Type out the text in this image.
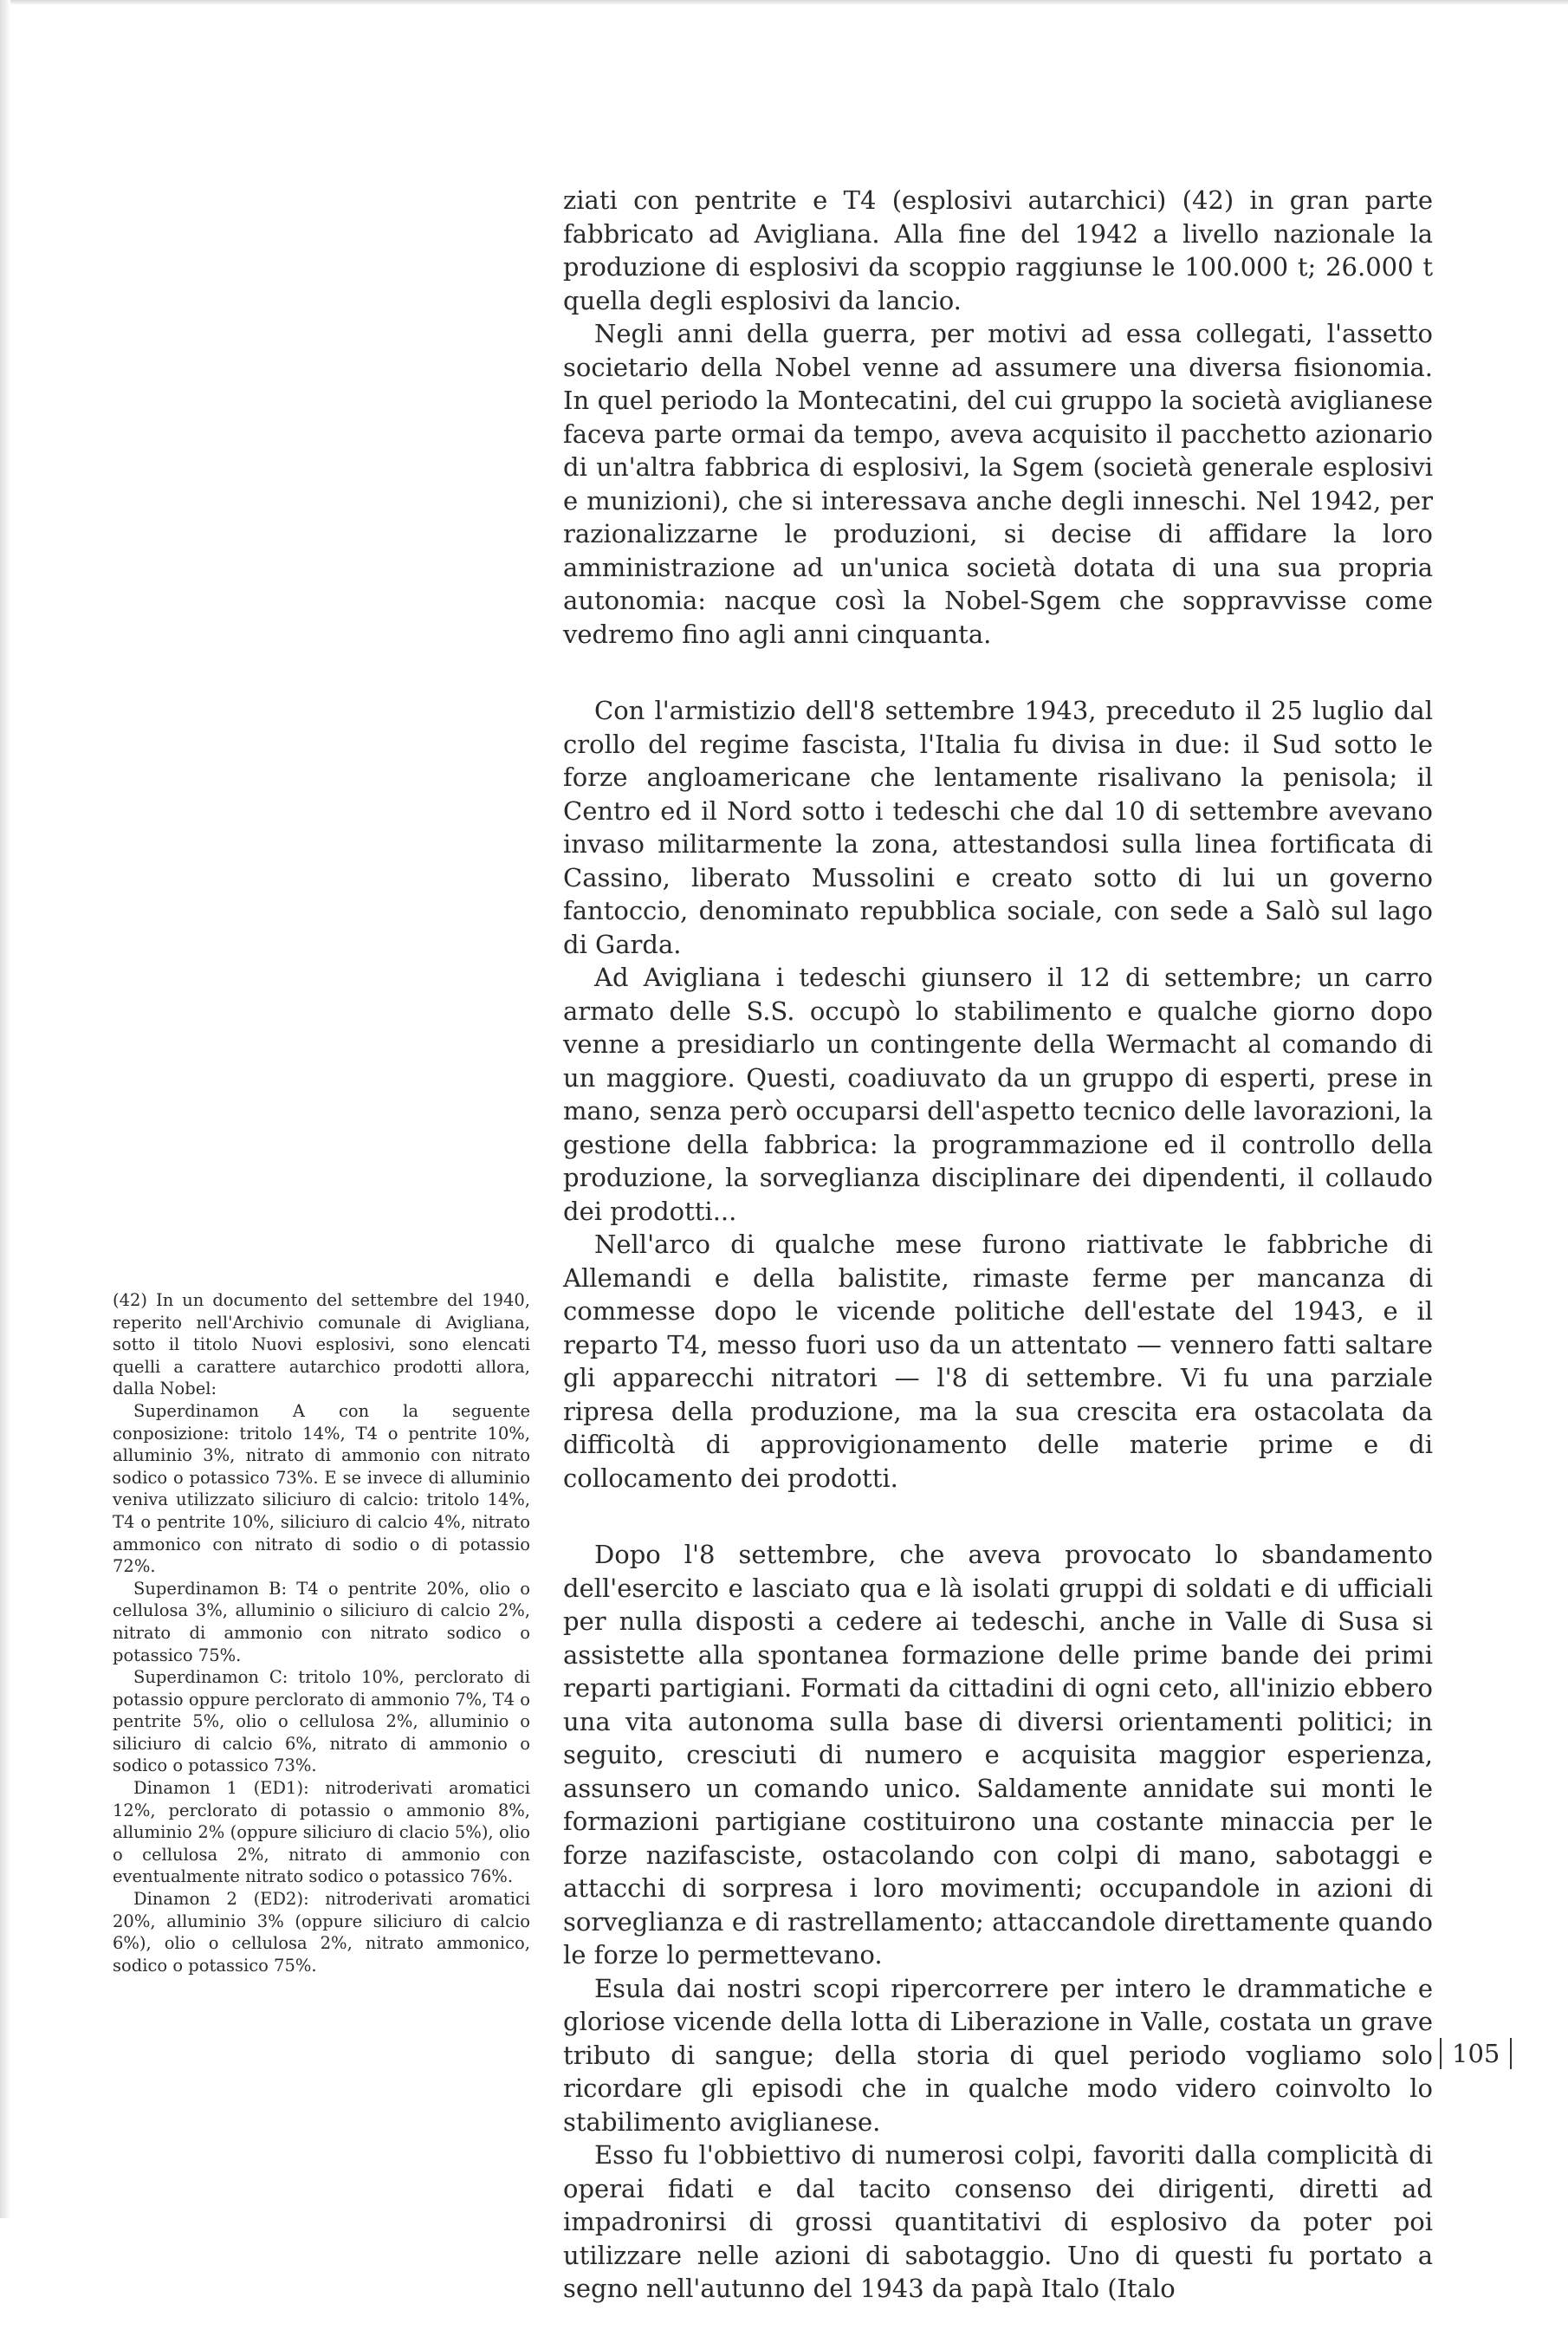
ziati con pentrite e T4 (esplosivi autarchici) (42) in gran parte fabbricato ad Avigliana. Alla fine del 1942 a livello nazionale la produzione di esplosivi da scoppio raggiunse le 100.000 t; 26.000 t quella degli esplosivi da lancio.

Negli anni della guerra, per motivi ad essa collegati, l'assetto societario della Nobel venne ad assumere una diversa fisionomia. In quel periodo la Montecatini, del cui gruppo la società aviglianese faceva parte ormai da tempo, aveva acquisito il pacchetto azionario di un'altra fabbrica di esplosivi, la Sgem (società generale esplosivi e munizioni), che si interessava anche degli inneschi. Nel 1942, per razionalizzarne le produzioni, si decise di affidare la loro amministrazione ad un'unica società dotata di una sua propria autonomia: nacque così la Nobel-Sgem che soppravvisse come vedremo fino agli anni cinquanta.

Con l'armistizio dell'8 settembre 1943, preceduto il 25 luglio dal crollo del regime fascista, l'Italia fu divisa in due: il Sud sotto le forze angloamericane che lentamente risalivano la penisola; il Centro ed il Nord sotto i tedeschi che dal 10 di settembre avevano invaso militarmente la zona, attestandosi sulla linea fortificata di Cassino, liberato Mussolini e creato sotto di lui un governo fantoccio, denominato repubblica sociale, con sede a Salò sul lago di Garda.

Ad Avigliana i tedeschi giunsero il 12 di settembre; un carro armato delle S.S. occupò lo stabilimento e qualche giorno dopo venne a presidiarlo un contingente della Wermacht al comando di un maggiore. Questi, coadiuvato da un gruppo di esperti, prese in mano, senza però occuparsi dell'aspetto tecnico delle lavorazioni, la gestione della fabbrica: la programmazione ed il controllo della produzione, la sorveglianza disciplinare dei dipendenti, il collaudo dei prodotti...

Nell'arco di qualche mese furono riattivate le fabbriche di Allemandi e della balistite, rimaste ferme per mancanza di commesse dopo le vicende politiche dell'estate del 1943, e il reparto T4, messo fuori uso da un attentato — vennero fatti saltare gli apparecchi nitratori — l'8 di settembre. Vi fu una parziale ripresa della produzione, ma la sua crescita era ostacolata da difficoltà di approvigionamento delle materie prime e di collocamento dei prodotti.

Dopo l'8 settembre, che aveva provocato lo sbandamento dell'esercito e lasciato qua e là isolati gruppi di soldati e di ufficiali per nulla disposti a cedere ai tedeschi, anche in Valle di Susa si assistette alla spontanea formazione delle prime bande dei primi reparti partigiani. Formati da cittadini di ogni ceto, all'inizio ebbero una vita autonoma sulla base di diversi orientamenti politici; in seguito, cresciuti di numero e acquisita maggior esperienza, assunsero un comando unico. Saldamente annidate sui monti le formazioni partigiane costituirono una costante minaccia per le forze nazifasciste, ostacolando con colpi di mano, sabotaggi e attacchi di sorpresa i loro movimenti; occupandole in azioni di sorveglianza e di rastrellamento; attaccandole direttamente quando le forze lo permettevano.

Esula dai nostri scopi ripercorrere per intero le drammatiche e gloriose vicende della lotta di Liberazione in Valle, costata un grave tributo di sangue; della storia di quel periodo vogliamo solo ricordare gli episodi che in qualche modo videro coinvolto lo stabilimento aviglianese.

Esso fu l'obbiettivo di numerosi colpi, favoriti dalla complicità di operai fidati e dal tacito consenso dei dirigenti, diretti ad impadronirsi di grossi quantitativi di esplosivo da poter poi utilizzare nelle azioni di sabotaggio. Uno di questi fu portato a segno nell'autunno del 1943 da papà Italo (Italo

(42) In un documento del settembre del 1940, reperito nell'Archivio comunale di Avigliana, sotto il titolo Nuovi esplosivi, sono elencati quelli a carattere autarchico prodotti allora, dalla Nobel:

Superdinamon A con la seguente conposizione: tritolo 14%, T4 o pentrite 10%, alluminio 3%, nitrato di ammonio con nitrato sodico o potassico 73%. E se invece di alluminio veniva utilizzato siliciuro di calcio: tritolo 14%, T4 o pentrite 10%, siliciuro di calcio 4%, nitrato ammonico con nitrato di sodio o di potassio 72%.

Superdinamon B: T4 o pentrite 20%, olio o cellulosa 3%, alluminio o siliciuro di calcio 2%, nitrato di ammonio con nitrato sodico o potassico 75%.

Superdinamon C: tritolo 10%, perclorato di potassio oppure perclorato di ammonio 7%, T4 o pentrite 5%, olio o cellulosa 2%, alluminio o siliciuro di calcio 6%, nitrato di ammonio o sodico o potassico 73%.

Dinamon 1 (ED1): nitroderivati aromatici 12%, perclorato di potassio o ammonio 8%, alluminio 2% (oppure siliciuro di clacio 5%), olio o cellulosa 2%, nitrato di ammonio con eventualmente nitrato sodico o potassico 76%.

Dinamon 2 (ED2): nitroderivati aromatici 20%, alluminio 3% (oppure siliciuro di calcio 6%), olio o cellulosa 2%, nitrato ammonico, sodico o potassico 75%.

105
